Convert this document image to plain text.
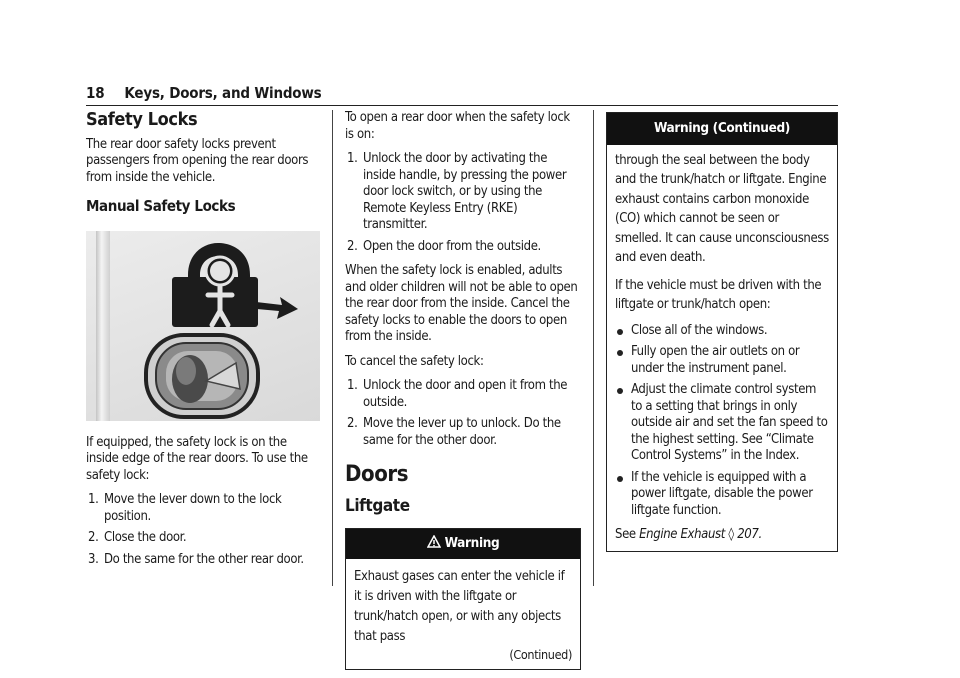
18 Keys, Doors, and Windows
Safety Locks

The rear door safety locks prevent passengers from opening the rear doors from inside the vehicle.

Manual Safety Locks

If equipped, the safety lock is on the inside edge of the rear doors. To use the safety lock:

1. Move the lever down to the lock position.
2. Close the door.
3. Do the same for the other rear door.

To open a rear door when the safety lock is on:

1. Unlock the door by activating the inside handle, by pressing the power door lock switch, or by using the Remote Keyless Entry (RKE) transmitter.
2. Open the door from the outside.

When the safety lock is enabled, adults and older children will not be able to open the rear door from the inside. Cancel the safety locks to enable the doors to open from the inside.

To cancel the safety lock:

1. Unlock the door and open it from the outside.
2. Move the lever up to unlock. Do the same for the other door.
Doors
Liftgate
Warning
Exhaust gases can enter the vehicle if it is driven with the liftgate or trunk/hatch open, or with any objects that pass
(Continued)
Warning (Continued)

through the seal between the body and the trunk/hatch or liftgate. Engine exhaust contains carbon monoxide (CO) which cannot be seen or smelled. It can cause unconsciousness and even death.

If the vehicle must be driven with the liftgate or trunk/hatch open:

Close all of the windows.
Fully open the air outlets on or under the instrument panel.
Adjust the climate control system to a setting that brings in only outside air and set the fan speed to the highest setting. See “Climate Control Systems” in the Index.
If the vehicle is equipped with a power liftgate, disable the power liftgate function.

See Engine Exhaust ◊ 207.
